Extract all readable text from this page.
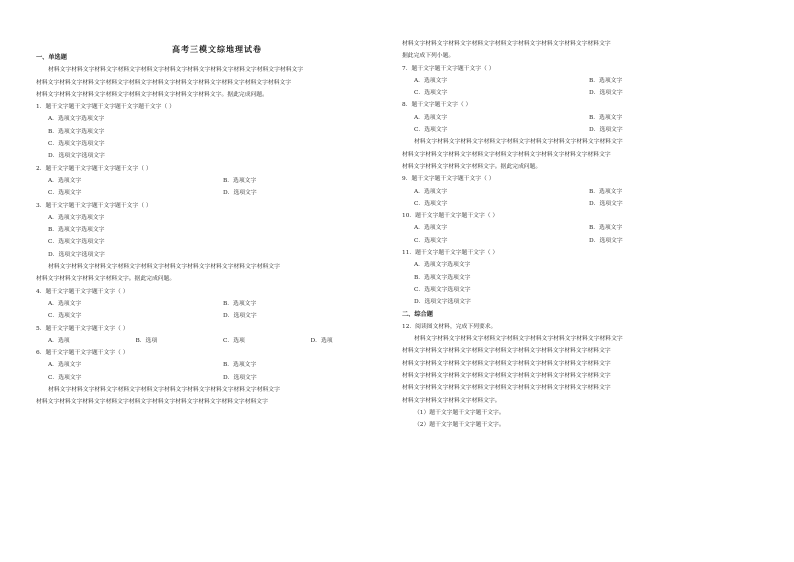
高考三模文综地理试卷

一、单选题

材料文字材料文字材料文字材料文字材料文字材料文字材料文字材料文字材料文字材料文字材料文字

材料文字材料文字材料文字材料文字材料文字材料文字材料文字材料文字材料文字材料文字材料文字

材料文字材料文字材料文字材料文字材料文字材料文字材料文字材料文字。据此完成问题。

1．题干文字题干文字题干文字题干文字题干文字（ ）

A．选项文字选项文字

B．选项文字选项文字

C．选项文字选项文字

D．选项文字选项文字

2．题干文字题干文字题干文字题干文字（ ）

A．选项文字	B．选项文字
C．选项文字	D．选项文字

3．题干文字题干文字题干文字题干文字（ ）

A．选项文字选项文字

B．选项文字选项文字

C．选项文字选项文字

D．选项文字选项文字

材料文字材料文字材料文字材料文字材料文字材料文字材料文字材料文字材料文字材料文字

材料文字材料文字材料文字材料文字。据此完成问题。

4．题干文字题干文字题干文字（ ）

A．选项文字	B．选项文字
C．选项文字	D．选项文字

5．题干文字题干文字题干文字（ ）

A．选项	B．选项	C．选项	D．选项

6．题干文字题干文字题干文字（ ）

A．选项文字	B．选项文字
C．选项文字	D．选项文字

材料文字材料文字材料文字材料文字材料文字材料文字材料文字材料文字材料文字材料文字

材料文字材料文字材料文字材料文字材料文字材料文字材料文字材料文字材料文字材料文字

材料文字材料文字材料文字材料文字材料文字材料文字材料文字材料文字材料文字

据此完成下列小题。

7．题干文字题干文字题干文字（ ）

A．选项文字	B．选项文字
C．选项文字	D．选项文字

8．题干文字题干文字（ ）

A．选项文字	B．选项文字
C．选项文字	D．选项文字

材料文字材料文字材料文字材料文字材料文字材料文字材料文字材料文字材料文字

材料文字材料文字材料文字材料文字材料文字材料文字材料文字材料文字材料文字

材料文字材料文字材料文字材料文字。据此完成问题。

9．题干文字题干文字题干文字（ ）

A．选项文字	B．选项文字
C．选项文字	D．选项文字

10．题干文字题干文字题干文字（ ）

A．选项文字	B．选项文字
C．选项文字	D．选项文字

11．题干文字题干文字题干文字（ ）

A．选项文字选项文字

B．选项文字选项文字

C．选项文字选项文字

D．选项文字选项文字

二、综合题

12．阅读图文材料，完成下列要求。

材料文字材料文字材料文字材料文字材料文字材料文字材料文字材料文字材料文字

材料文字材料文字材料文字材料文字材料文字材料文字材料文字材料文字材料文字

材料文字材料文字材料文字材料文字材料文字材料文字材料文字材料文字材料文字

材料文字材料文字材料文字材料文字材料文字材料文字材料文字材料文字材料文字

材料文字材料文字材料文字材料文字材料文字材料文字材料文字材料文字材料文字

材料文字材料文字材料文字材料文字。

（1）题干文字题干文字题干文字。

（2）题干文字题干文字题干文字。
